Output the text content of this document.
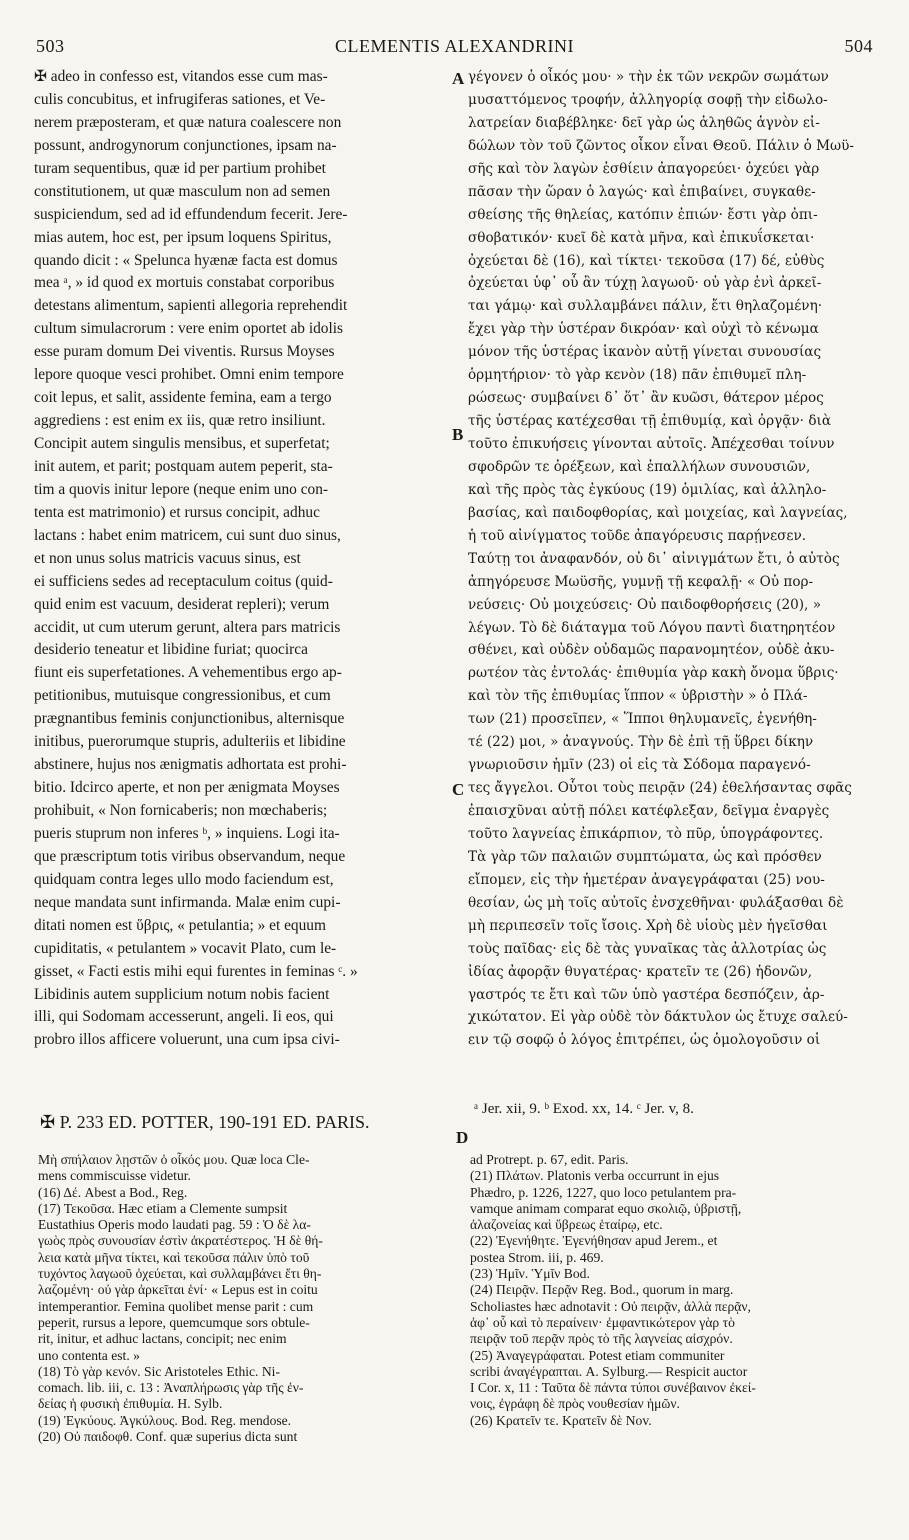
503	CLEMENTIS ALEXANDRINI	504
✠ adeo in confesso est, vitandos esse cum mas-
culis concubitus, et infrugiferas sationes, et Ve-
nerem præposteram, et quæ natura coalescere non
possunt, androgynorum conjunctiones, ipsam na-
turam sequentibus, quæ id per partium prohibet
constitutionem, ut quæ masculum non ad semen
suspiciendum, sed ad id effundendum fecerit. Jere-
mias autem, hoc est, per ipsum loquens Spiritus,
quando dicit : « Spelunca hyænæ facta est domus
mea ᵃ, » id quod ex mortuis constabat corporibus
detestans alimentum, sapienti allegoria reprehendit
cultum simulacrorum : vere enim oportet ab idolis
esse puram domum Dei viventis. Rursus Moyses
lepore quoque vesci prohibet. Omni enim tempore
coit lepus, et salit, assidente femina, eam a tergo
aggrediens : est enim ex iis, quæ retro insiliunt.
Concipit autem singulis mensibus, et superfetat;
init autem, et parit; postquam autem peperit, sta-
tim a quovis initur lepore (neque enim uno con-
tenta est matrimonio) et rursus concipit, adhuc
lactans : habet enim matricem, cui sunt duo sinus,
et non unus solus matricis vacuus sinus, est
ei sufficiens sedes ad receptaculum coitus (quid-
quid enim est vacuum, desiderat repleri); verum
accidit, ut cum uterum gerunt, altera pars matricis
desiderio teneatur et libidine furiat; quocirca
fiunt eis superfetationes. A vehementibus ergo ap-
petitionibus, mutuisque congressionibus, et cum
prægnantibus feminis conjunctionibus, alternisque
initibus, puerorumque stupris, adulteriis et libidine
abstinere, hujus nos ænigmatis adhortata est prohi-
bitio. Idcirco aperte, et non per ænigmata Moyses
prohibuit, « Non fornicaberis; non mœchaberis;
pueris stuprum non inferes ᵇ, » inquiens. Logi ita-
que præscriptum totis viribus observandum, neque
quidquam contra leges ullo modo faciendum est,
neque mandata sunt infirmanda. Malæ enim cupi-
ditati nomen est ὕβρις, « petulantia; » et equum
cupiditatis, « petulantem » vocavit Plato, cum le-
gisset, « Facti estis mihi equi furentes in feminas ᶜ. »
Libidinis autem supplicium notum nobis facient
illi, qui Sodomam accesserunt, angeli. Ii eos, qui
probro illos afficere voluerunt, una cum ipsa civi-
γέγονεν ὁ οἶκός μου· » τὴν ἐκ τῶν νεκρῶν σωμάτων
μυσαττόμενος τροφήν, ἀλληγορίᾳ σοφῇ τὴν εἰδωλο-
λατρείαν διαβέβληκε· δεῖ γὰρ ὡς ἀληθῶς ἁγνὸν εἰ-
δώλων τὸν τοῦ ζῶντος οἶκον εἶναι Θεοῦ. Πάλιν ὁ Μωϋ-
σῆς καὶ τὸν λαγὼν ἐσθίειν ἀπαγορεύει· ὀχεύει γὰρ
πᾶσαν τὴν ὥραν ὁ λαγώς· καὶ ἐπιβαίνει, συγκαθε-
σθείσης τῆς θηλείας, κατόπιν ἐπιών· ἔστι γὰρ ὀπι-
σθοβατικόν· κυεῖ δὲ κατὰ μῆνα, καὶ ἐπικυΐσκεται·
ὀχεύεται δὲ (16), καὶ τίκτει· τεκοῦσα (17) δέ, εὐθὺς
ὀχεύεται ὑφ᾽ οὗ ἂν τύχῃ λαγωοῦ· οὐ γὰρ ἐνὶ ἀρκεῖ-
ται γάμῳ· καὶ συλλαμβάνει πάλιν, ἔτι θηλαζομένη·
ἔχει γὰρ τὴν ὑστέραν δικρόαν· καὶ οὐχὶ τὸ κένωμα
μόνον τῆς ὑστέρας ἱκανὸν αὐτῇ γίνεται συνουσίας
ὁρμητήριον· τὸ γὰρ κενὸν (18) πᾶν ἐπιθυμεῖ πλη-
ρώσεως· συμβαίνει δ᾽ ὅτ᾽ ἂν κυῶσι, θάτερον μέρος
τῆς ὑστέρας κατέχεσθαι τῇ ἐπιθυμίᾳ, καὶ ὀργᾷν· διὰ
τοῦτο ἐπικυήσεις γίνονται αὐτοῖς. Ἀπέχεσθαι τοίνυν
σφοδρῶν τε ὀρέξεων, καὶ ἐπαλλήλων συνουσιῶν,
καὶ τῆς πρὸς τὰς ἐγκύους (19) ὁμιλίας, καὶ ἀλληλο-
βασίας, καὶ παιδοφθορίας, καὶ μοιχείας, καὶ λαγνείας,
ἡ τοῦ αἰνίγματος τοῦδε ἀπαγόρευσις παρῄνεσεν.
Ταύτῃ τοι ἀναφανδόν, οὐ δι᾽ αἰνιγμάτων ἔτι, ὁ αὐτὸς
ἀπηγόρευσε Μωϋσῆς, γυμνῇ τῇ κεφαλῇ· « Οὐ πορ-
νεύσεις· Οὐ μοιχεύσεις· Οὐ παιδοφθορήσεις (20), »
λέγων. Τὸ δὲ διάταγμα τοῦ Λόγου παντὶ διατηρητέον
σθένει, καὶ οὐδὲν οὐδαμῶς παρανομητέον, οὐδὲ ἀκυ-
ρωτέον τὰς ἐντολάς· ἐπιθυμία γὰρ κακὴ ὄνομα ὕβρις·
καὶ τὸν τῆς ἐπιθυμίας ἵππον « ὑβριστὴν » ὁ Πλά-
των (21) προσεῖπεν, « Ἵπποι θηλυμανεῖς, ἐγενήθη-
τέ (22) μοι, » ἀναγνούς. Τὴν δὲ ἐπὶ τῇ ὕβρει δίκην
γνωριοῦσιν ἡμῖν (23) οἱ εἰς τὰ Σόδομα παραγενό-
τες ἄγγελοι. Οὗτοι τοὺς πειρᾷν (24) ἐθελήσαντας σφᾶς
ἐπαισχῦναι αὐτῇ πόλει κατέφλεξαν, δεῖγμα ἐναργὲς
τοῦτο λαγνείας ἐπικάρπιον, τὸ πῦρ, ὑπογράφοντες.
Τὰ γὰρ τῶν παλαιῶν συμπτώματα, ὡς καὶ πρόσθεν
εἴπομεν, εἰς τὴν ἡμετέραν ἀναγεγράφαται (25) νου-
θεσίαν, ὡς μὴ τοῖς αὐτοῖς ἐνσχεθῆναι· φυλάξασθαι δὲ
μὴ περιπεσεῖν τοῖς ἴσοις. Χρὴ δὲ υἱοὺς μὲν ἡγεῖσθαι
τοὺς παῖδας· εἰς δὲ τὰς γυναῖκας τὰς ἀλλοτρίας ὡς
ἰδίας ἀφορᾷν θυγατέρας· κρατεῖν τε (26) ἡδονῶν,
γαστρός τε ἔτι καὶ τῶν ὑπὸ γαστέρα δεσπόζειν, ἀρ-
χικώτατον. Εἰ γὰρ οὐδὲ τὸν δάκτυλον ὡς ἔτυχε σαλεύ-
ειν τῷ σοφῷ ὁ λόγος ἐπιτρέπει, ὡς ὁμολογοῦσιν οἱ
A
B
C
D
ᵃ Jer. xii, 9. ᵇ Exod. xx, 14. ᶜ Jer. v, 8.
✠ P. 233 ED. POTTER, 190-191 ED. PARIS.
Μὴ σπήλαιον λῃστῶν ὁ οἶκός μου. Quæ loca Cle-
mens commiscuisse videtur.
(16) Δέ. Abest a Bod., Reg.
(17) Τεκοῦσα. Hæc etiam a Clemente sumpsit
Eustathius Operis modo laudati pag. 59 : Ὁ δὲ λα-
γωὸς πρὸς συνουσίαν ἐστὶν ἀκρατέστερος. Ἡ δὲ θή-
λεια κατὰ μῆνα τίκτει, καὶ τεκοῦσα πάλιν ὑπὸ τοῦ
τυχόντος λαγωοῦ ὀχεύεται, καὶ συλλαμβάνει ἔτι θη-
λαζομένη· οὐ γὰρ ἀρκεῖται ἑνί· « Lepus est in coitu
intemperantior. Femina quolibet mense parit : cum
peperit, rursus a lepore, quemcumque sors obtule-
rit, initur, et adhuc lactans, concipit; nec enim
uno contenta est. »
(18) Τὸ γὰρ κενόν. Sic Aristoteles Ethic. Ni-
comach. lib. iii, c. 13 : Ἀναπλήρωσις γὰρ τῆς ἐν-
δείας ἡ φυσικὴ ἐπιθυμία. H. Sylb.
(19) Ἐγκύους. Ἀγκύλους. Bod. Reg. mendose.
(20) Οὐ παιδοφθ. Conf. quæ superius dicta sunt
ad Protrept. p. 67, edit. Paris.
(21) Πλάτων. Platonis verba occurrunt in ejus
Phædro, p. 1226, 1227, quo loco petulantem pra-
vamque animam comparat equo σκολιῷ, ὑβριστῇ,
ἀλαζονείας καὶ ὕβρεως ἑταίρῳ, etc.
(22) Ἐγενήθητε. Ἐγενήθησαν apud Jerem., et
postea Strom. iii, p. 469.
(23) Ἡμῖν. Ὑμῖν Bod.
(24) Πειρᾷν. Περᾷν Reg. Bod., quorum in marg.
Scholiastes hæc adnotavit : Οὐ πειρᾷν, ἀλλὰ περᾷν,
ἀφ᾽ οὗ καὶ τὸ περαίνειν· ἐμφαντικώτερον γὰρ τὸ
πειρᾷν τοῦ περᾷν πρὸς τὸ τῆς λαγνείας αἰσχρόν.
(25) Ἀναγεγράφαται. Potest etiam communiter
scribi ἀναγέγραπται. A. Sylburg.— Respicit auctor
I Cor. x, 11 : Ταῦτα δὲ πάντα τύποι συνέβαινον ἐκεί-
νοις, ἐγράφη δὲ πρὸς νουθεσίαν ἡμῶν.
(26) Κρατεῖν τε. Κρατεῖν δὲ Nov.
